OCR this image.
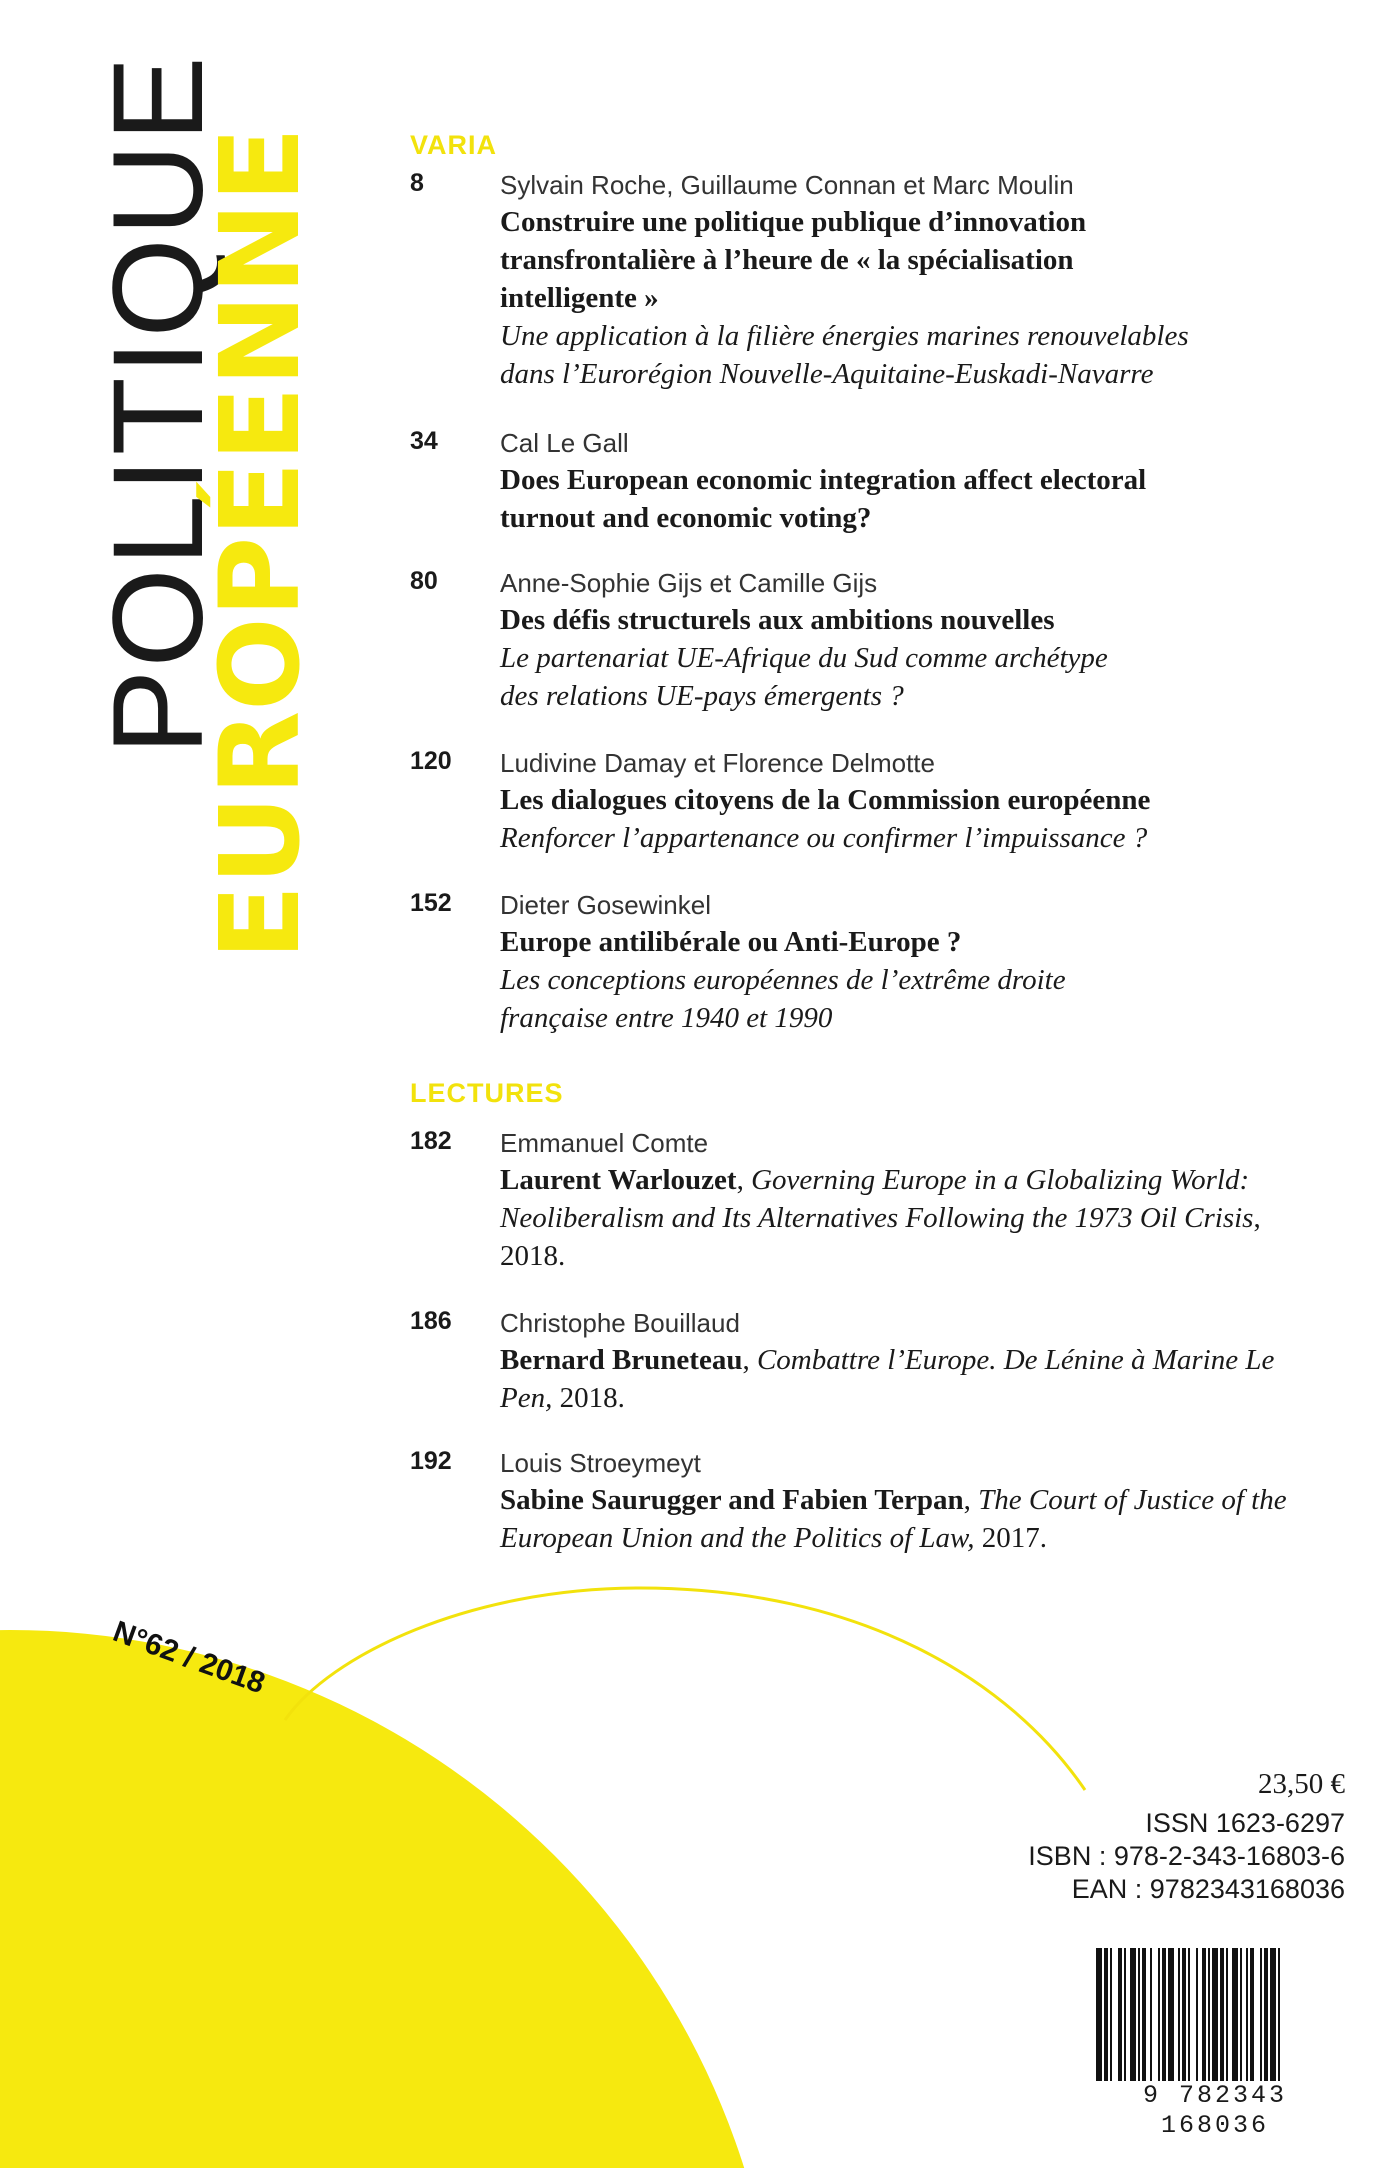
POLITIQUE
EUROPÉENNE	VARIA
8	Sylvain Roche, Guillaume Connan et Marc Moulin
Construire une politique publique d’innovation
transfrontalière à l’heure de « la spécialisation
intelligente »
Une application à la filière énergies marines renouvelables
dans l’Eurorégion Nouvelle-Aquitaine-Euskadi-Navarre
34 Cal Le Gall
Does European economic integration affect electoral
turnout and economic voting?
80 Anne-Sophie Gijs et Camille Gijs
Des défis structurels aux ambitions nouvelles
Le partenariat UE-Afrique du Sud comme archétype
des relations UE-pays émergents ?
120 Ludivine Damay et Florence Delmotte
Les dialogues citoyens de la Commission européenne
Renforcer l’appartenance ou confirmer l’impuissance ?
152 Dieter Gosewinkel
Europe antilibérale ou Anti-Europe ?
Les conceptions européennes de l’extrême droite
française entre 1940 et 1990
LECTURES
182 Emmanuel Comte
Laurent Warlouzet, Governing Europe in a Globalizing World: Neoliberalism and Its Alternatives Following the 1973 Oil Crisis, 2018.
186 Christophe Bouillaud
Bernard Bruneteau, Combattre l’Europe. De Lénine à Marine Le Pen, 2018.
192 Louis Stroeymeyt
Sabine Saurugger and Fabien Terpan, The Court of Justice of the European Union and the Politics of Law, 2017.
N°62 / 2018
23,50 €
ISSN 1623-6297
ISBN : 978-2-343-16803-6
EAN : 9782343168036
9 782343 168036
